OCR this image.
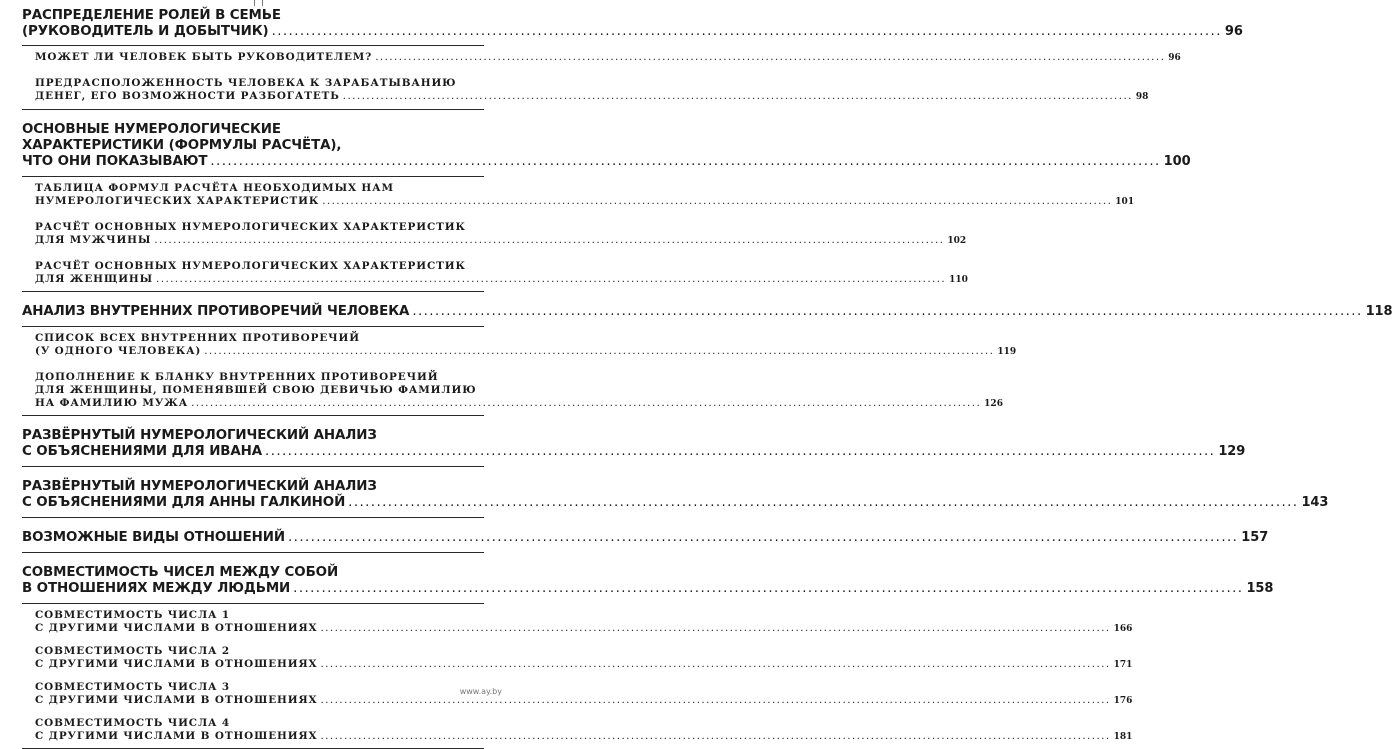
РАСПРЕДЕЛЕНИЕ РОЛЕЙ В СЕМЬЕ
(РУКОВОДИТЕЛЬ И ДОБЫТЧИК) .....	96
МОЖЕТ ЛИ ЧЕЛОВЕК БЫТЬ РУКОВОДИТЕЛЕМ? .....	96
ПРЕДРАСПОЛОЖЕННОСТЬ ЧЕЛОВЕКА К ЗАРАБАТЫВАНИЮ
ДЕНЕГ, ЕГО ВОЗМОЖНОСТИ РАЗБОГАТЕТЬ .....	98
ОСНОВНЫЕ НУМЕРОЛОГИЧЕСКИЕ
ХАРАКТЕРИСТИКИ (ФОРМУЛЫ РАСЧЁТА),
ЧТО ОНИ ПОКАЗЫВАЮТ .....	100
ТАБЛИЦА ФОРМУЛ РАСЧЁТА НЕОБХОДИМЫХ НАМ
НУМЕРОЛОГИЧЕСКИХ ХАРАКТЕРИСТИК .....	101
РАСЧЁТ ОСНОВНЫХ НУМЕРОЛОГИЧЕСКИХ ХАРАКТЕРИСТИК
ДЛЯ МУЖЧИНЫ .....	102
РАСЧЁТ ОСНОВНЫХ НУМЕРОЛОГИЧЕСКИХ ХАРАКТЕРИСТИК
ДЛЯ ЖЕНЩИНЫ .....	110
АНАЛИЗ ВНУТРЕННИХ ПРОТИВОРЕЧИЙ ЧЕЛОВЕКА .....	118
СПИСОК ВСЕХ ВНУТРЕННИХ ПРОТИВОРЕЧИЙ
(У ОДНОГО ЧЕЛОВЕКА) .....	119
ДОПОЛНЕНИЕ К БЛАНКУ ВНУТРЕННИХ ПРОТИВОРЕЧИЙ
ДЛЯ ЖЕНЩИНЫ, ПОМЕНЯВШЕЙ СВОЮ ДЕВИЧЬЮ ФАМИЛИЮ
НА ФАМИЛИЮ МУЖА .....	126
РАЗВЁРНУТЫЙ НУМЕРОЛОГИЧЕСКИЙ АНАЛИЗ
С ОБЪЯСНЕНИЯМИ ДЛЯ ИВАНА .....	129
РАЗВЁРНУТЫЙ НУМЕРОЛОГИЧЕСКИЙ АНАЛИЗ
С ОБЪЯСНЕНИЯМИ ДЛЯ АННЫ ГАЛКИНОЙ .....	143
ВОЗМОЖНЫЕ ВИДЫ ОТНОШЕНИЙ .....	157
СОВМЕСТИМОСТЬ ЧИСЕЛ МЕЖДУ СОБОЙ
В ОТНОШЕНИЯХ МЕЖДУ ЛЮДЬМИ .....	158
СОВМЕСТИМОСТЬ ЧИСЛА 1
С ДРУГИМИ ЧИСЛАМИ В ОТНОШЕНИЯХ .....	166
СОВМЕСТИМОСТЬ ЧИСЛА 2
С ДРУГИМИ ЧИСЛАМИ В ОТНОШЕНИЯХ .....	171
СОВМЕСТИМОСТЬ ЧИСЛА 3
С ДРУГИМИ ЧИСЛАМИ В ОТНОШЕНИЯХ .....	176
СОВМЕСТИМОСТЬ ЧИСЛА 4
С ДРУГИМИ ЧИСЛАМИ В ОТНОШЕНИЯХ .....	181
www.ay.by
